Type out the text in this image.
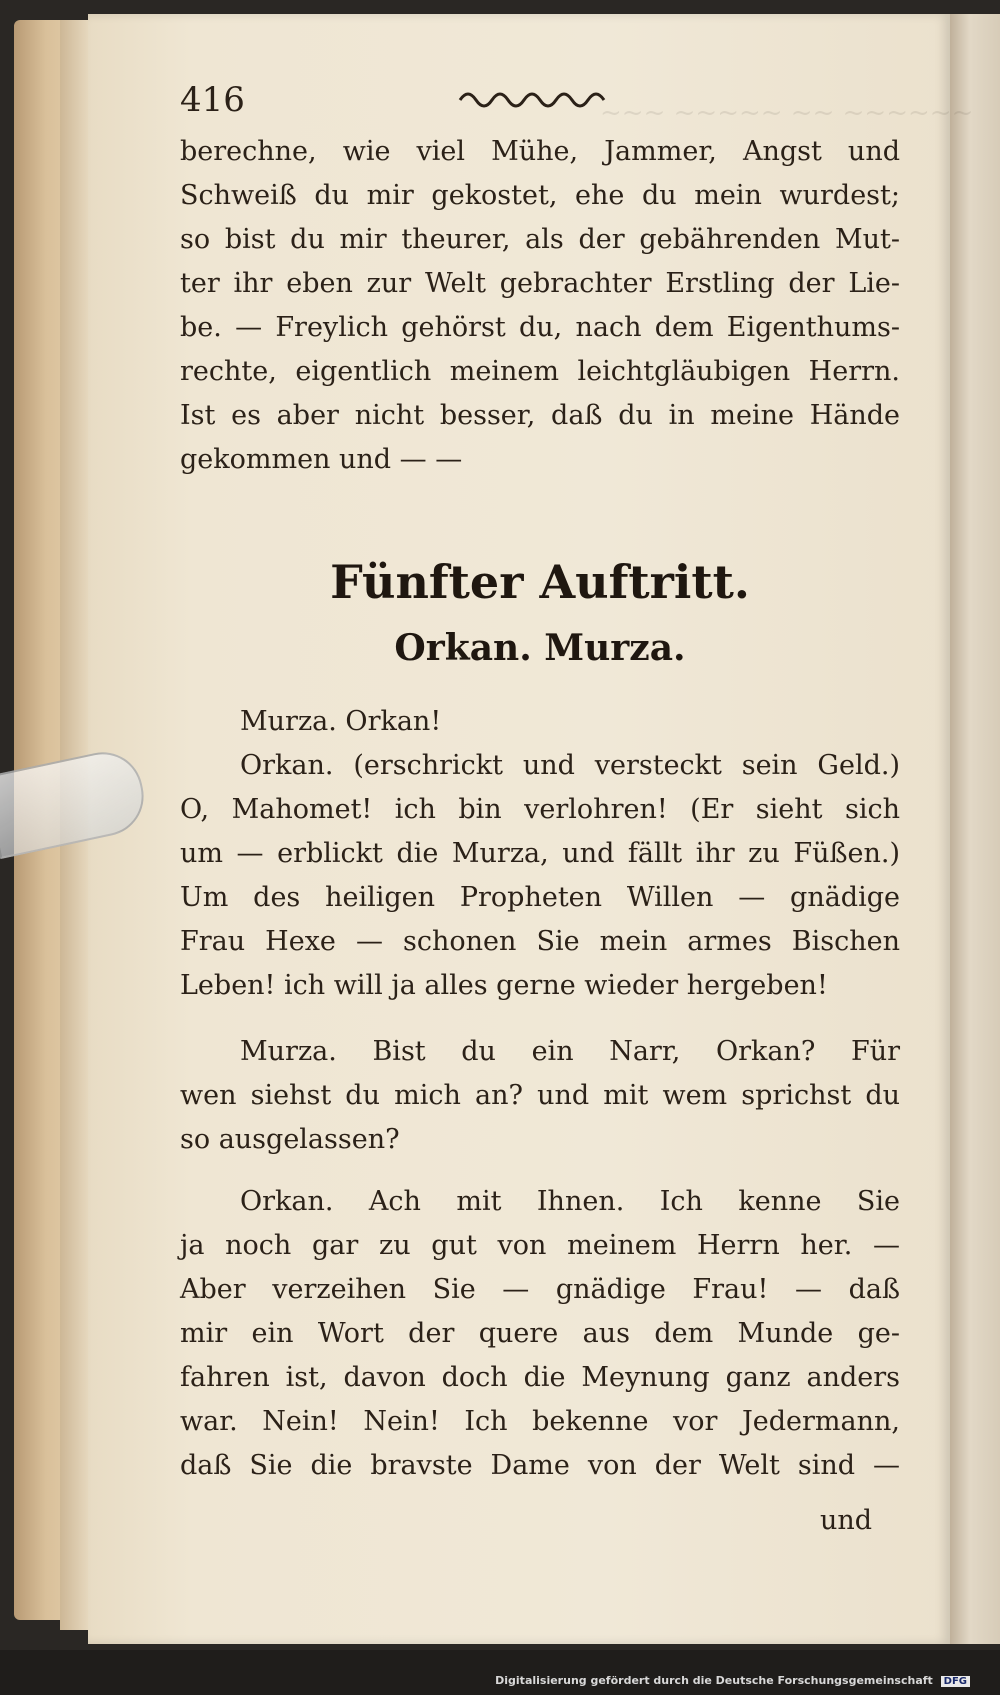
~~~ ~~~~~ ~~ ~~~~~~
416
berechne, wie viel Mühe, Jammer, Angst und
Schweiß du mir gekostet, ehe du mein wurdest;
so bist du mir theurer, als der gebährenden Mut-
ter ihr eben zur Welt gebrachter Erstling der Lie-
be. — Freylich gehörst du, nach dem Eigenthums-
rechte, eigentlich meinem leichtgläubigen Herrn.
Ist es aber nicht besser, daß du in meine Hände
gekommen und — —
Fünfter Auftritt.
Orkan. Murza.
Murza. Orkan!
Orkan. (erschrickt und versteckt sein Geld.)
O, Mahomet! ich bin verlohren! (Er sieht sich
um — erblickt die Murza, und fällt ihr zu Füßen.)
Um des heiligen Propheten Willen — gnädige
Frau Hexe — schonen Sie mein armes Bischen
Leben! ich will ja alles gerne wieder hergeben!
Murza. Bist du ein Narr, Orkan? Für
wen siehst du mich an? und mit wem sprichst du
so ausgelassen?
Orkan. Ach mit Ihnen. Ich kenne Sie
ja noch gar zu gut von meinem Herrn her. —
Aber verzeihen Sie — gnädige Frau! — daß
mir ein Wort der quere aus dem Munde ge-
fahren ist, davon doch die Meynung ganz anders
war. Nein! Nein! Ich bekenne vor Jedermann,
daß Sie die bravste Dame von der Welt sind —
und
Digitalisierung gefördert durch die Deutsche Forschungsgemeinschaft DFG
